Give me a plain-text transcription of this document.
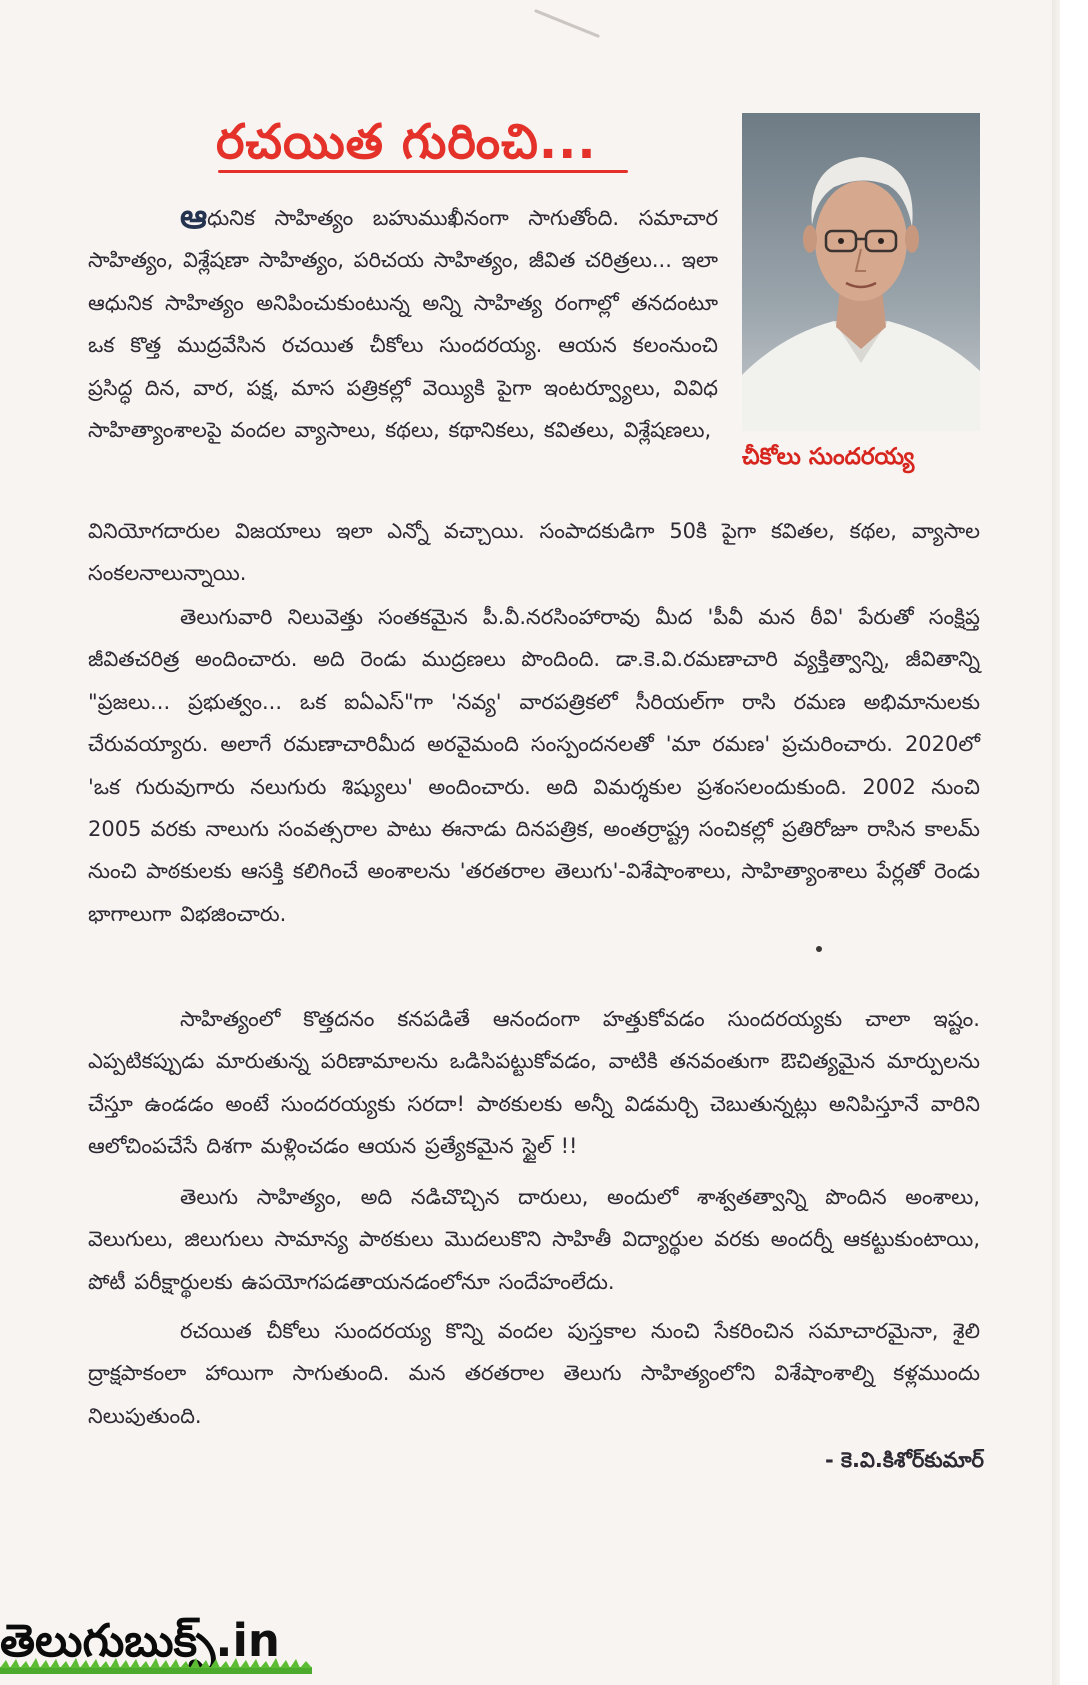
రచయిత గురించి...
చీకోలు సుందరయ్య

ఆధునిక సాహిత్యం బహుముఖీనంగా సాగుతోంది. సమాచార సాహిత్యం, విశ్లేషణా సాహిత్యం, పరిచయ సాహిత్యం, జీవిత చరిత్రలు... ఇలా ఆధునిక సాహిత్యం అనిపించుకుంటున్న అన్ని సాహిత్య రంగాల్లో తనదంటూ ఒక కొత్త ముద్రవేసిన రచయిత చీకోలు సుందరయ్య. ఆయన కలంనుంచి ప్రసిద్ధ దిన, వార, పక్ష, మాస పత్రికల్లో వెయ్యికి పైగా ఇంటర్వ్యూలు, వివిధ సాహిత్యాంశాలపై వందల వ్యాసాలు, కథలు, కథానికలు, కవితలు, విశ్లేషణలు,

వినియోగదారుల విజయాలు ఇలా ఎన్నో వచ్చాయి. సంపాదకుడిగా 50కి పైగా కవితల, కథల, వ్యాసాల సంకలనాలున్నాయి.

తెలుగువారి నిలువెత్తు సంతకమైన పీ.వీ.నరసింహారావు మీద 'పీవీ మన ఠీవి' పేరుతో సంక్షిప్త జీవితచరిత్ర అందించారు. అది రెండు ముద్రణలు పొందింది. డా.కె.వి.రమణాచారి వ్యక్తిత్వాన్ని, జీవితాన్ని "ప్రజలు... ప్రభుత్వం... ఒక ఐఏఎస్"గా 'నవ్య' వారపత్రికలో సీరియల్‌గా రాసి రమణ అభిమానులకు చేరువయ్యారు. అలాగే రమణాచారిమీద అరవైమంది సంస్పందనలతో 'మా రమణ' ప్రచురించారు. 2020లో 'ఒక గురువుగారు నలుగురు శిష్యులు' అందించారు. అది విమర్శకుల ప్రశంసలందుకుంది. 2002 నుంచి 2005 వరకు నాలుగు సంవత్సరాల పాటు ఈనాడు దినపత్రిక, అంతర్రాష్ట్ర సంచికల్లో ప్రతిరోజూ రాసిన కాలమ్ నుంచి పాఠకులకు ఆసక్తి కలిగించే అంశాలను 'తరతరాల తెలుగు'-విశేషాంశాలు, సాహిత్యాంశాలు పేర్లతో రెండు భాగాలుగా విభజించారు.

సాహిత్యంలో కొత్తదనం కనపడితే ఆనందంగా హత్తుకోవడం సుందరయ్యకు చాలా ఇష్టం. ఎప్పటికప్పుడు మారుతున్న పరిణామాలను ఒడిసిపట్టుకోవడం, వాటికి తనవంతుగా ఔచిత్యమైన మార్పులను చేస్తూ ఉండడం అంటే సుందరయ్యకు సరదా! పాఠకులకు అన్నీ విడమర్చి చెబుతున్నట్లు అనిపిస్తూనే వారిని ఆలోచింపచేసే దిశగా మళ్లించడం ఆయన ప్రత్యేకమైన స్టైల్ !!

తెలుగు సాహిత్యం, అది నడిచొచ్చిన దారులు, అందులో శాశ్వతత్వాన్ని పొందిన అంశాలు, వెలుగులు, జిలుగులు సామాన్య పాఠకులు మొదలుకొని సాహితీ విద్యార్థుల వరకు అందర్నీ ఆకట్టుకుంటాయి, పోటీ పరీక్షార్థులకు ఉపయోగపడతాయనడంలోనూ సందేహంలేదు.

రచయిత చీకోలు సుందరయ్య కొన్ని వందల పుస్తకాల నుంచి సేకరించిన సమాచారమైనా, శైలి ద్రాక్షపాకంలా హాయిగా సాగుతుంది. మన తరతరాల తెలుగు సాహిత్యంలోని విశేషాంశాల్ని కళ్లముందు నిలుపుతుంది.

- కె.వి.కిశోర్‌కుమార్
తెలుగుబుక్స్.in
